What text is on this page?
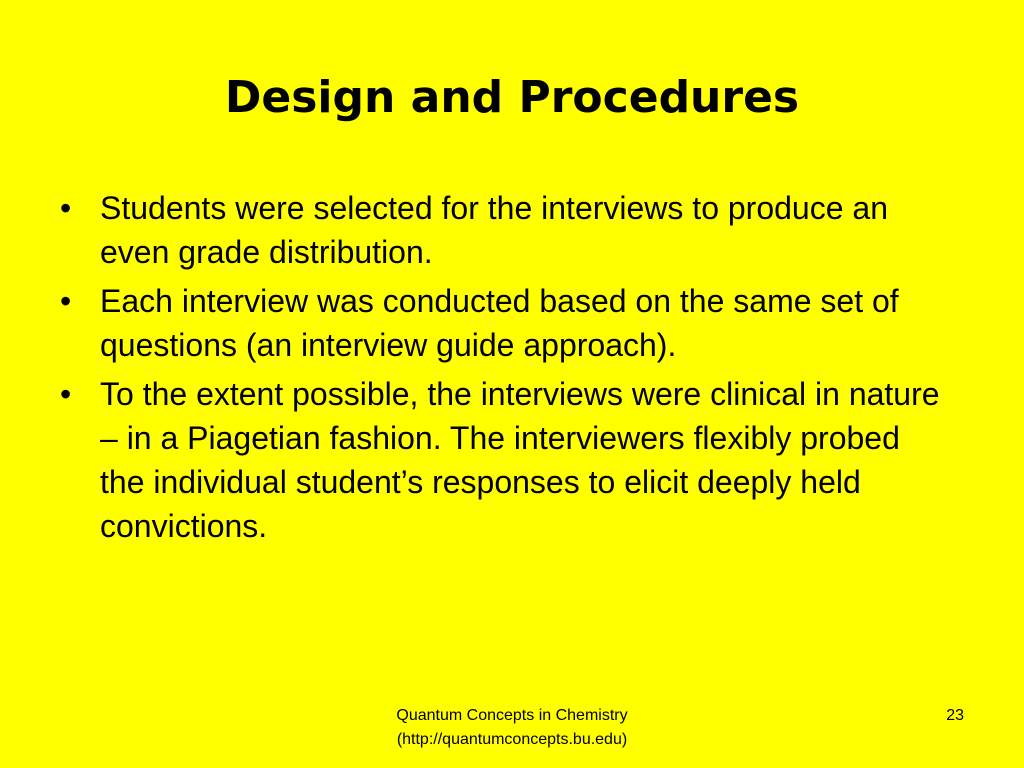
Design and Procedures
• Students were selected for the interviews to produce an even grade distribution.
• Each interview was conducted based on the same set of questions (an interview guide approach).
• To the extent possible, the interviews were clinical in nature – in a Piagetian fashion. The interviewers flexibly probed the individual student’s responses to elicit deeply held convictions.
Quantum Concepts in Chemistry
(http://quantumconcepts.bu.edu)
23
